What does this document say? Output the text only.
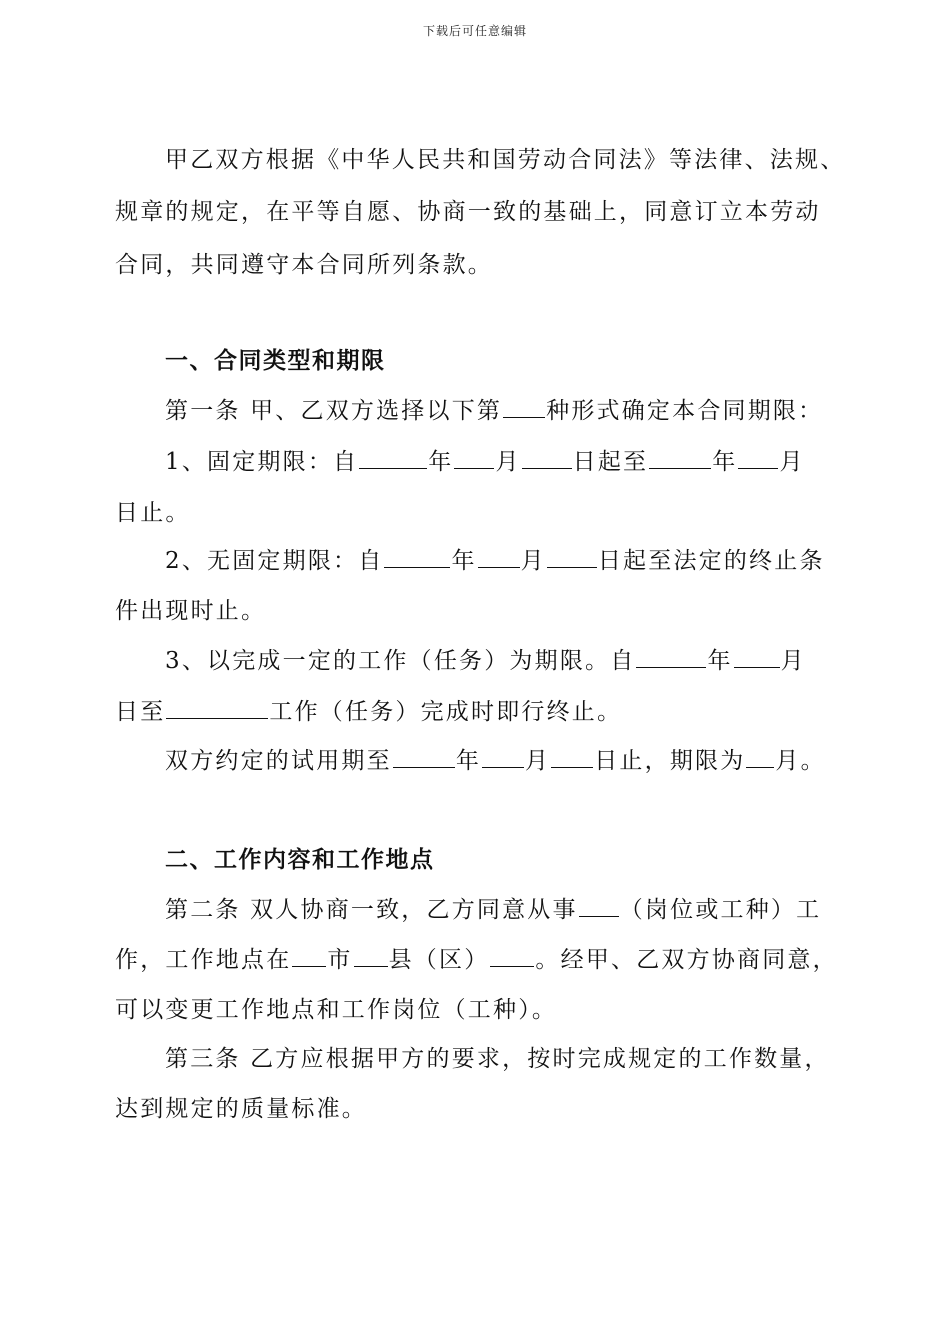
下载后可任意编辑
甲乙双方根据《中华人民共和国劳动合同法》等法律、法规、
规章的规定，在平等自愿、协商一致的基础上，同意订立本劳动
合同，共同遵守本合同所列条款。
一、合同类型和期限
第一条 甲、乙双方选择以下第 种形式确定本合同期限：
1、固定期限：自	年 月 日起至	年 月
日止。
2、无固定期限：自	年 月 日起至法定的终止条
件出现时止。
3、以完成一定的工作（任务）为期限。自	年 月
日至	工作（任务）完成时即行终止。
双方约定的试用期至	年 月 日止，期限为 月。
二、工作内容和工作地点
第二条 双人协商一致，乙方同意从事 （岗位或工种）工
作，工作地点在 市 县（区） 。经甲、乙双方协商同意，
可以变更工作地点和工作岗位（工种）。
第三条 乙方应根据甲方的要求，按时完成规定的工作数量，
达到规定的质量标准。
